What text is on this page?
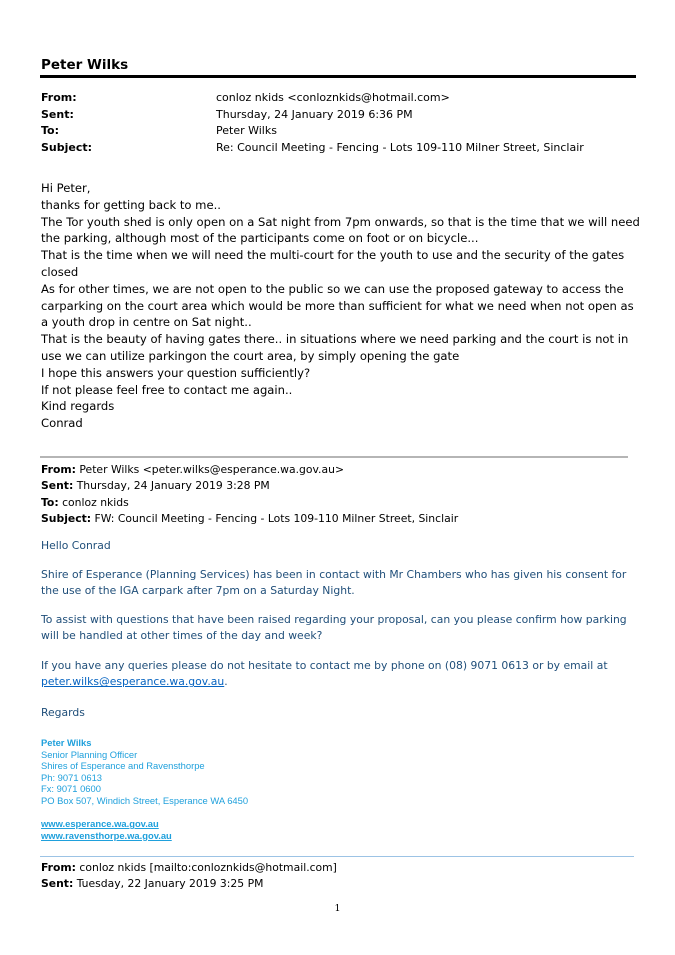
Peter Wilks
From:	conloz nkids <conloznkids@hotmail.com>
Sent:	Thursday, 24 January 2019 6:36 PM
To:	Peter Wilks
Subject:	Re: Council Meeting - Fencing - Lots 109-110 Milner Street, Sinclair

Hi Peter,

thanks for getting back to me..

The Tor youth shed is only open on a Sat night from 7pm onwards, so that is the time that we will need the parking, although most of the participants come on foot or on bicycle...

That is the time when we will need the multi-court for the youth to use and the security of the gates closed

As for other times, we are not open to the public so we can use the proposed gateway to access the carparking on the court area which would be more than sufficient for what we need when not open as a youth drop in centre on Sat night..

That is the beauty of having gates there.. in situations where we need parking and the court is not in use we can utilize parkingon the court area, by simply opening the gate

I hope this answers your question sufficiently?

If not please feel free to contact me again..

Kind regards

Conrad

From: Peter Wilks <peter.wilks@esperance.wa.gov.au>

Sent: Thursday, 24 January 2019 3:28 PM

To: conloz nkids

Subject: FW: Council Meeting - Fencing - Lots 109-110 Milner Street, Sinclair

Hello Conrad
Shire of Esperance (Planning Services) has been in contact with Mr Chambers who has given his consent for the use of the IGA carpark after 7pm on a Saturday Night.
To assist with questions that have been raised regarding your proposal, can you please confirm how parking will be handled at other times of the day and week?
If you have any queries please do not hesitate to contact me by phone on (08) 9071 0613 or by email at peter.wilks@esperance.wa.gov.au.
Regards

Peter Wilks

Senior Planning Officer

Shires of Esperance and Ravensthorpe

Ph: 9071 0613

Fx: 9071 0600

PO Box 507, Windich Street, Esperance WA 6450

www.esperance.wa.gov.au
www.ravensthorpe.wa.gov.au

From: conloz nkids [mailto:conloznkids@hotmail.com]

Sent: Tuesday, 22 January 2019 3:25 PM

1
